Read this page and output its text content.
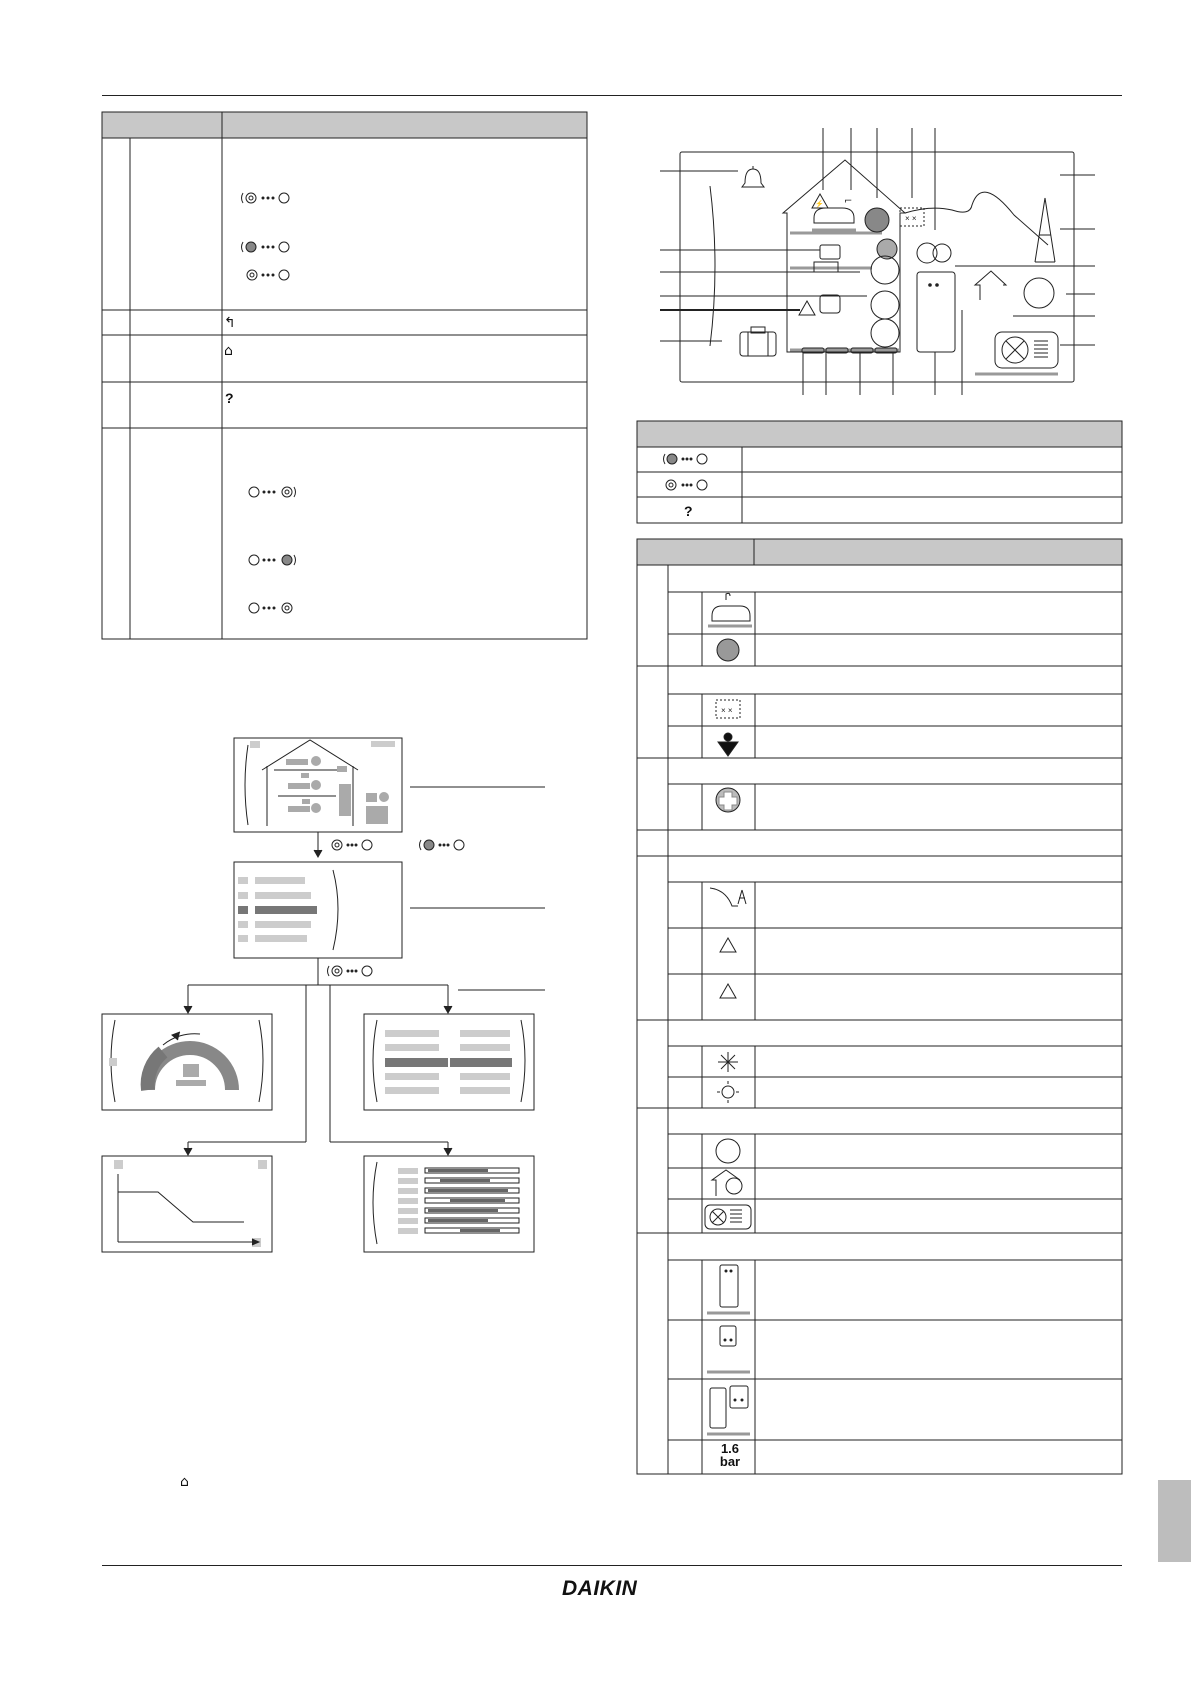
↰
⌂
?
⌂
⚡ ⌐
× ×
?
× ×
1.6
bar
DAIKIN
